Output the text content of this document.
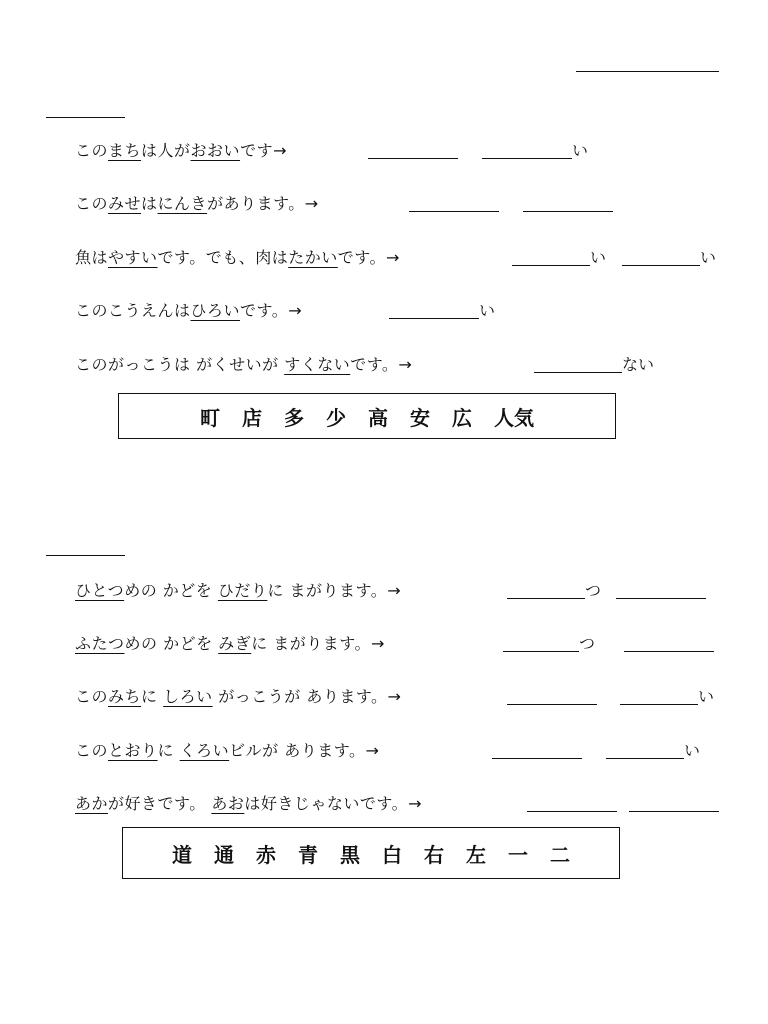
このまちは人がおおいです→	い
このみせはにんきがあります。→
魚はやすいです。でも、肉はたかいです。→	い	い
このこうえんはひろいです。→	い
このがっこうは がくせいが すくないです。→	ない
町 店 多 少 高 安 広 人気
ひとつめの かどを ひだりに まがります。→	つ
ふたつめの かどを みぎに まがります。→	つ
このみちに しろい がっこうが あります。→	い
このとおりに くろいビルが あります。→	い
あかが好きです。 あおは好きじゃないです。→
道 通 赤 青 黒 白 右 左 一 二
